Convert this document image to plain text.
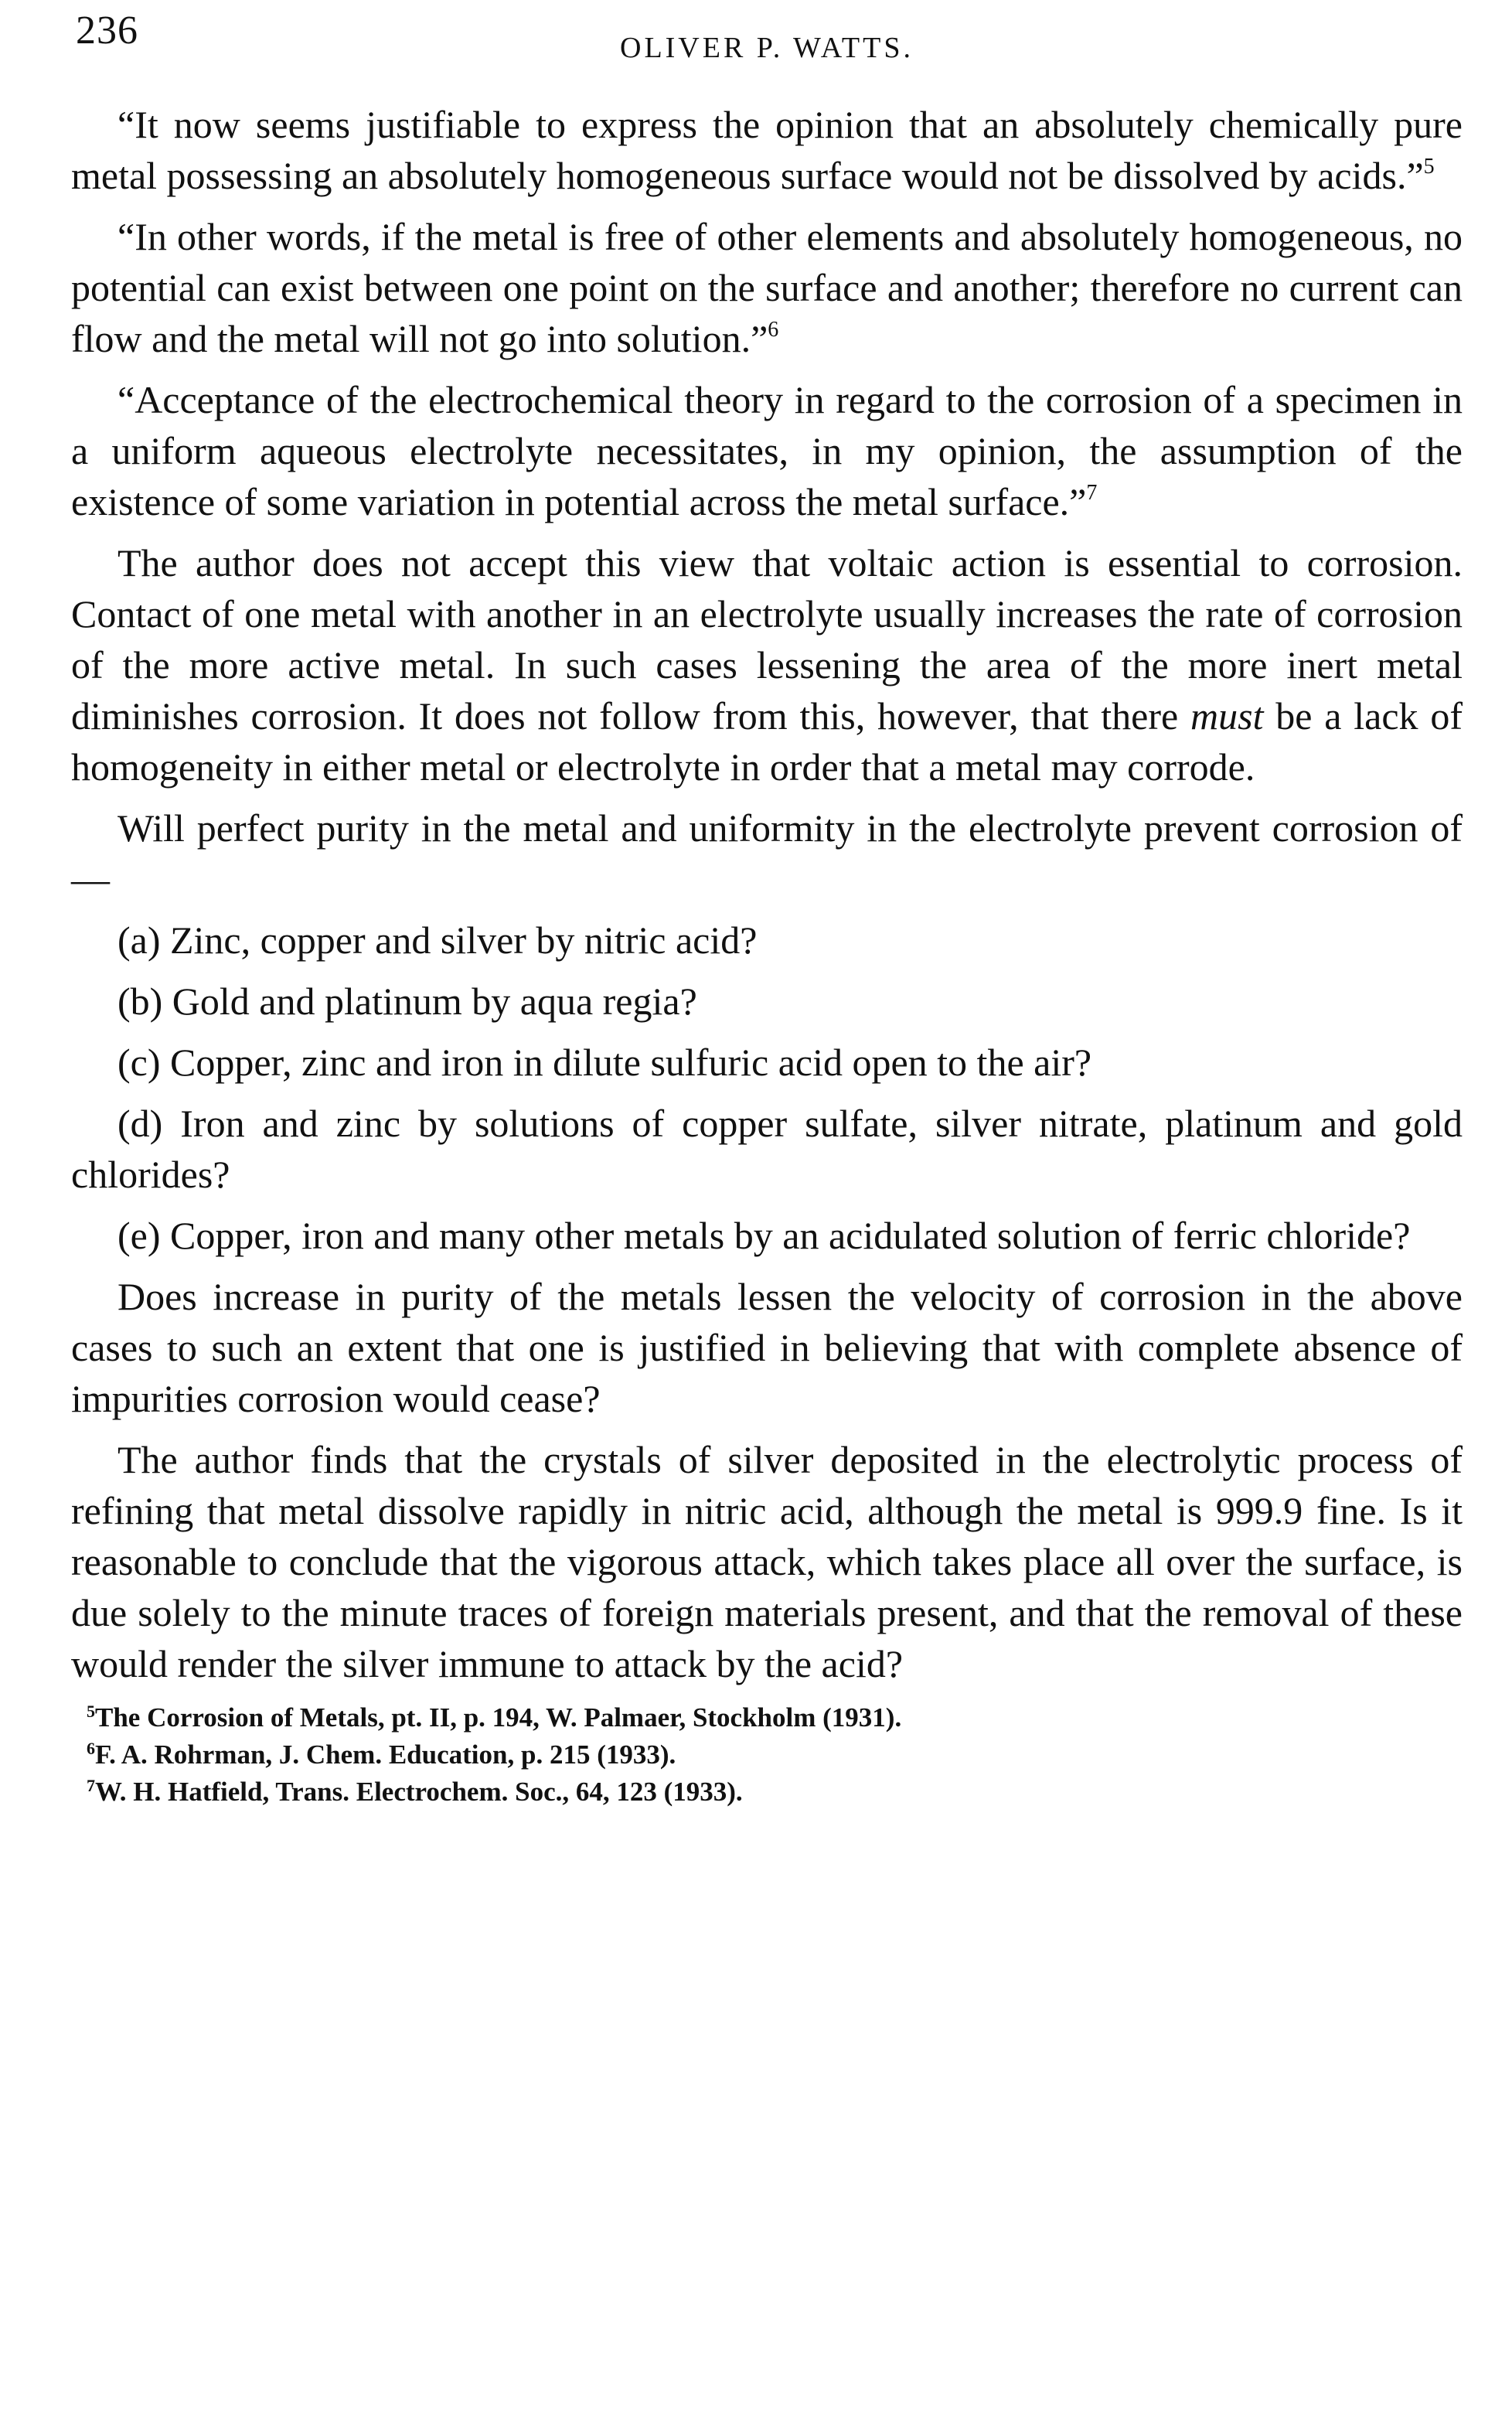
236	OLIVER P. WATTS.

“It now seems justifiable to express the opinion that an absolutely chemically pure metal possessing an absolutely homogeneous surface would not be dissolved by acids.”$^5$

“In other words, if the metal is free of other elements and absolutely homogeneous, no potential can exist between one point on the surface and another; therefore no current can flow and the metal will not go into solution.”$^6$

“Acceptance of the electrochemical theory in regard to the corrosion of a specimen in a uniform aqueous electrolyte necessitates, in my opinion, the assumption of the existence of some variation in potential across the metal surface.”$^7$

The author does not accept this view that voltaic action is essential to corrosion. Contact of one metal with another in an electrolyte usually increases the rate of corrosion of the more active metal. In such cases lessening the area of the more inert metal diminishes corrosion. It does not follow from this, however, that there must be a lack of homogeneity in either metal or electrolyte in order that a metal may corrode.

Will perfect purity in the metal and uniformity in the electrolyte prevent corrosion of—

(a) Zinc, copper and silver by nitric acid?

(b) Gold and platinum by aqua regia?

(c) Copper, zinc and iron in dilute sulfuric acid open to the air?

(d) Iron and zinc by solutions of copper sulfate, silver nitrate, platinum and gold chlorides?

(e) Copper, iron and many other metals by an acidulated solution of ferric chloride?

Does increase in purity of the metals lessen the velocity of corrosion in the above cases to such an extent that one is justified in believing that with complete absence of impurities corrosion would cease?

The author finds that the crystals of silver deposited in the electrolytic process of refining that metal dissolve rapidly in nitric acid, although the metal is 999.9 fine. Is it reasonable to conclude that the vigorous attack, which takes place all over the surface, is due solely to the minute traces of foreign materials present, and that the removal of these would render the silver immune to attack by the acid?

$^5$The Corrosion of Metals, pt. II, p. 194, W. Palmaer, Stockholm (1931).
$^6$F. A. Rohrman, J. Chem. Education, p. 215 (1933).
$^7$W. H. Hatfield, Trans. Electrochem. Soc., 64, 123 (1933).
